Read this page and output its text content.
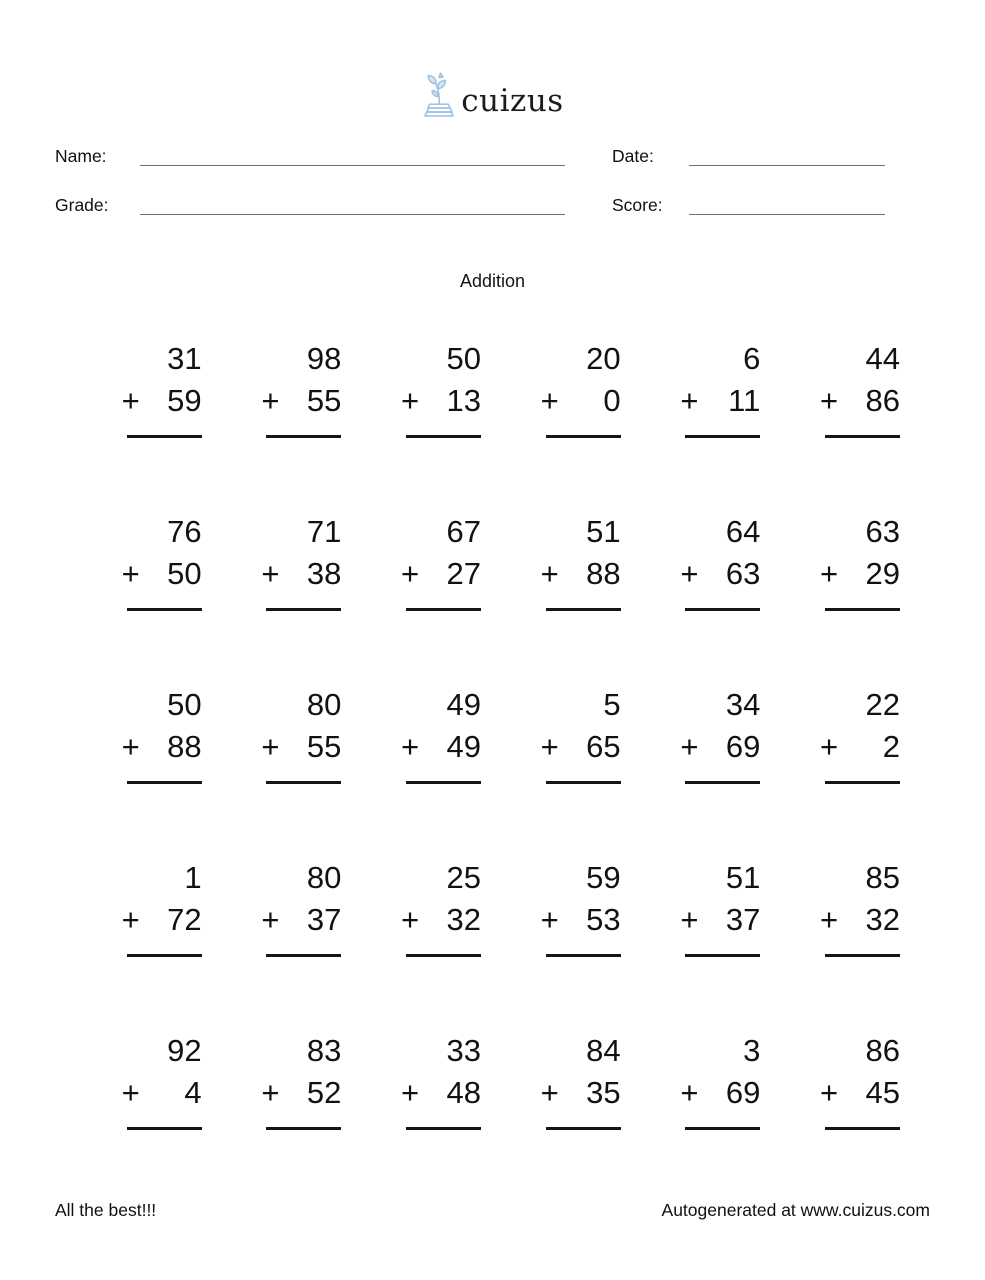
cuizus
Name:	Date:
Grade:	Score:
Addition
31
+ 59
98
+ 55
50
+ 13
20
+ 0
6
+ 11
44
+ 86
76
+ 50
71
+ 38
67
+ 27
51
+ 88
64
+ 63
63
+ 29
50
+ 88
80
+ 55
49
+ 49
5
+ 65
34
+ 69
22
+ 2
1
+ 72
80
+ 37
25
+ 32
59
+ 53
51
+ 37
85
+ 32
92
+ 4
83
+ 52
33
+ 48
84
+ 35
3
+ 69
86
+ 45
All the best!!!	Autogenerated at www.cuizus.com
